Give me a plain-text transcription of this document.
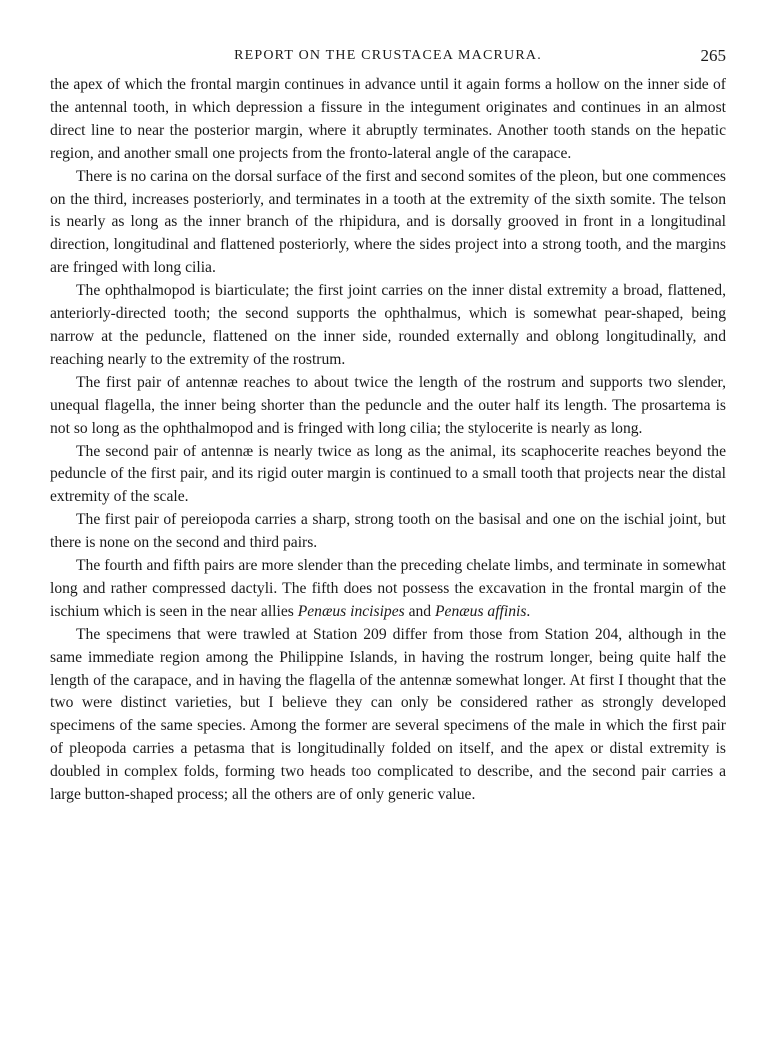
REPORT ON THE CRUSTACEA MACRURA.	265

the apex of which the frontal margin continues in advance until it again forms a hollow on the inner side of the antennal tooth, in which depression a fissure in the integument originates and continues in an almost direct line to near the posterior margin, where it abruptly terminates. Another tooth stands on the hepatic region, and another small one projects from the fronto-lateral angle of the carapace.

There is no carina on the dorsal surface of the first and second somites of the pleon, but one commences on the third, increases posteriorly, and terminates in a tooth at the extremity of the sixth somite. The telson is nearly as long as the inner branch of the rhipidura, and is dorsally grooved in front in a longitudinal direction, longitudinal and flattened posteriorly, where the sides project into a strong tooth, and the margins are fringed with long cilia.

The ophthalmopod is biarticulate; the first joint carries on the inner distal extremity a broad, flattened, anteriorly-directed tooth; the second supports the ophthalmus, which is somewhat pear-shaped, being narrow at the peduncle, flattened on the inner side, rounded externally and oblong longitudinally, and reaching nearly to the extremity of the rostrum.

The first pair of antennæ reaches to about twice the length of the rostrum and supports two slender, unequal flagella, the inner being shorter than the peduncle and the outer half its length. The prosartema is not so long as the ophthalmopod and is fringed with long cilia; the stylocerite is nearly as long.

The second pair of antennæ is nearly twice as long as the animal, its scaphocerite reaches beyond the peduncle of the first pair, and its rigid outer margin is continued to a small tooth that projects near the distal extremity of the scale.

The first pair of pereiopoda carries a sharp, strong tooth on the basisal and one on the ischial joint, but there is none on the second and third pairs.

The fourth and fifth pairs are more slender than the preceding chelate limbs, and terminate in somewhat long and rather compressed dactyli. The fifth does not possess the excavation in the frontal margin of the ischium which is seen in the near allies Penæus incisipes and Penæus affinis.

The specimens that were trawled at Station 209 differ from those from Station 204, although in the same immediate region among the Philippine Islands, in having the rostrum longer, being quite half the length of the carapace, and in having the flagella of the antennæ somewhat longer. At first I thought that the two were distinct varieties, but I believe they can only be considered rather as strongly developed specimens of the same species. Among the former are several specimens of the male in which the first pair of pleopoda carries a petasma that is longitudinally folded on itself, and the apex or distal extremity is doubled in complex folds, forming two heads too complicated to describe, and the second pair carries a large button-shaped process; all the others are of only generic value.
